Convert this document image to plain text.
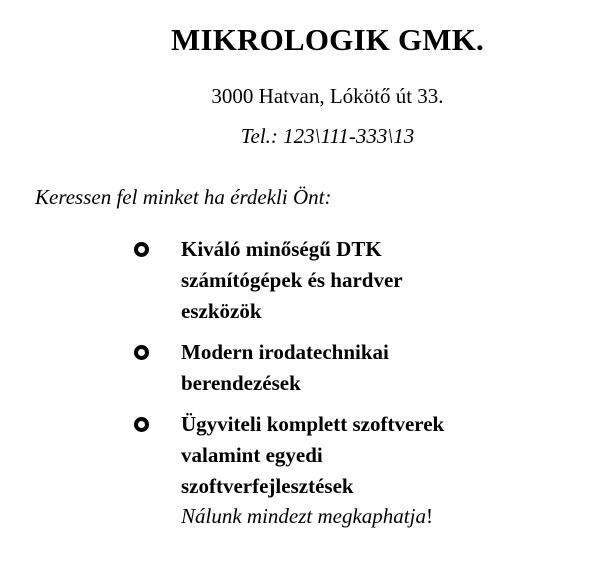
MIKROLOGIK GMK.
3000 Hatvan, Lókötő út 33.
Tel.: 123\111-333\13
Keressen fel minket ha érdekli Önt:
Kiváló minőségű DTK számítógépek és hardver eszközök
Modern irodatechnikai berendezések
Ügyviteli komplett szoftverek valamint egyedi szoftverfejlesztések
Nálunk mindezt megkaphatja!
